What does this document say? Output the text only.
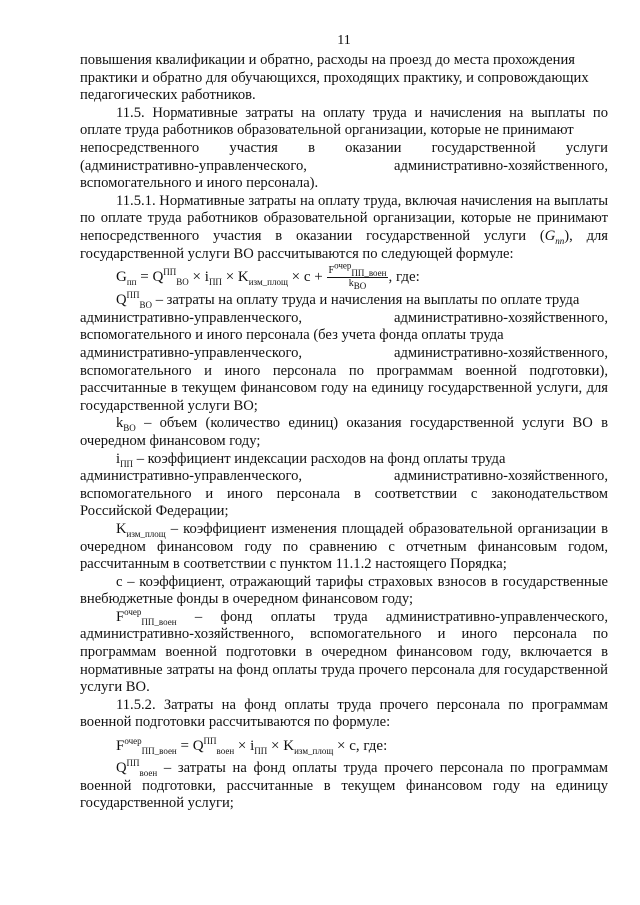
11

повышения квалификации и обратно, расходы на проезд до места прохождения

практики и обратно для обучающихся, проходящих практику, и сопровождающих

педагогических работников.

11.5. Нормативные затраты на оплату труда и начисления на выплаты по оплате труда работников образовательной организации, которые не принимают

непосредственного участия в оказании государственной услуги

(административно-управленческого,	административно-хозяйственного,

вспомогательного и иного персонала).

11.5.1. Нормативные затраты на оплату труда, включая начисления на выплаты по оплате труда работников образовательной организации, которые не принимают непосредственного участия в оказании государственной услуги $(G_{пп})$, для государственной услуги ВО рассчитываются по следующей формуле:

$G_{пп} = Q^{ПП}_{ВО} \times i_{ПП} \times K_{изм\_площ} \times c + \frac{F^{очер}_{ПП\_воен}}{k_{ВО}}$ , где:

$Q^{ПП}_{ВО}$ – затраты на оплату труда и начисления на выплаты по оплате труда

административно-управленческого,	административно-хозяйственного,

вспомогательного и иного персонала (без учета фонда оплаты труда

административно-управленческого,	административно-хозяйственного,

вспомогательного и иного персонала по программам военной подготовки), рассчитанные в текущем финансовом году на единицу государственной услуги, для государственной услуги ВО;

$k_{ВО}$ – объем (количество единиц) оказания государственной услуги ВО в очередном финансовом году;

$i_{ПП}$ – коэффициент индексации расходов на фонд оплаты труда

административно-управленческого,	административно-хозяйственного,

вспомогательного и иного персонала в соответствии с законодательством Российской Федерации;

$K_{изм\_площ}$ – коэффициент изменения площадей образовательной организации в очередном финансовом году по сравнению с отчетным финансовым годом, рассчитанным в соответствии с пунктом 11.1.2 настоящего Порядка;

c – коэффициент, отражающий тарифы страховых взносов в государственные внебюджетные фонды в очередном финансовом году;

$F^{очер}_{ПП\_воен}$ – фонд оплаты труда административно-управленческого, административно-хозяйственного, вспомогательного и иного персонала по программам военной подготовки в очередном финансовом году, включается в нормативные затраты на фонд оплаты труда прочего персонала для государственной услуги ВО.

11.5.2. Затраты на фонд оплаты труда прочего персонала по программам военной подготовки рассчитываются по формуле:

$F^{очер}_{ПП\_воен} = Q^{ПП}_{воен} \times i_{ПП} \times K_{изм\_площ} \times c$, где:

$Q^{ПП}_{воен}$ – затраты на фонд оплаты труда прочего персонала по программам военной подготовки, рассчитанные в текущем финансовом году на единицу государственной услуги;
